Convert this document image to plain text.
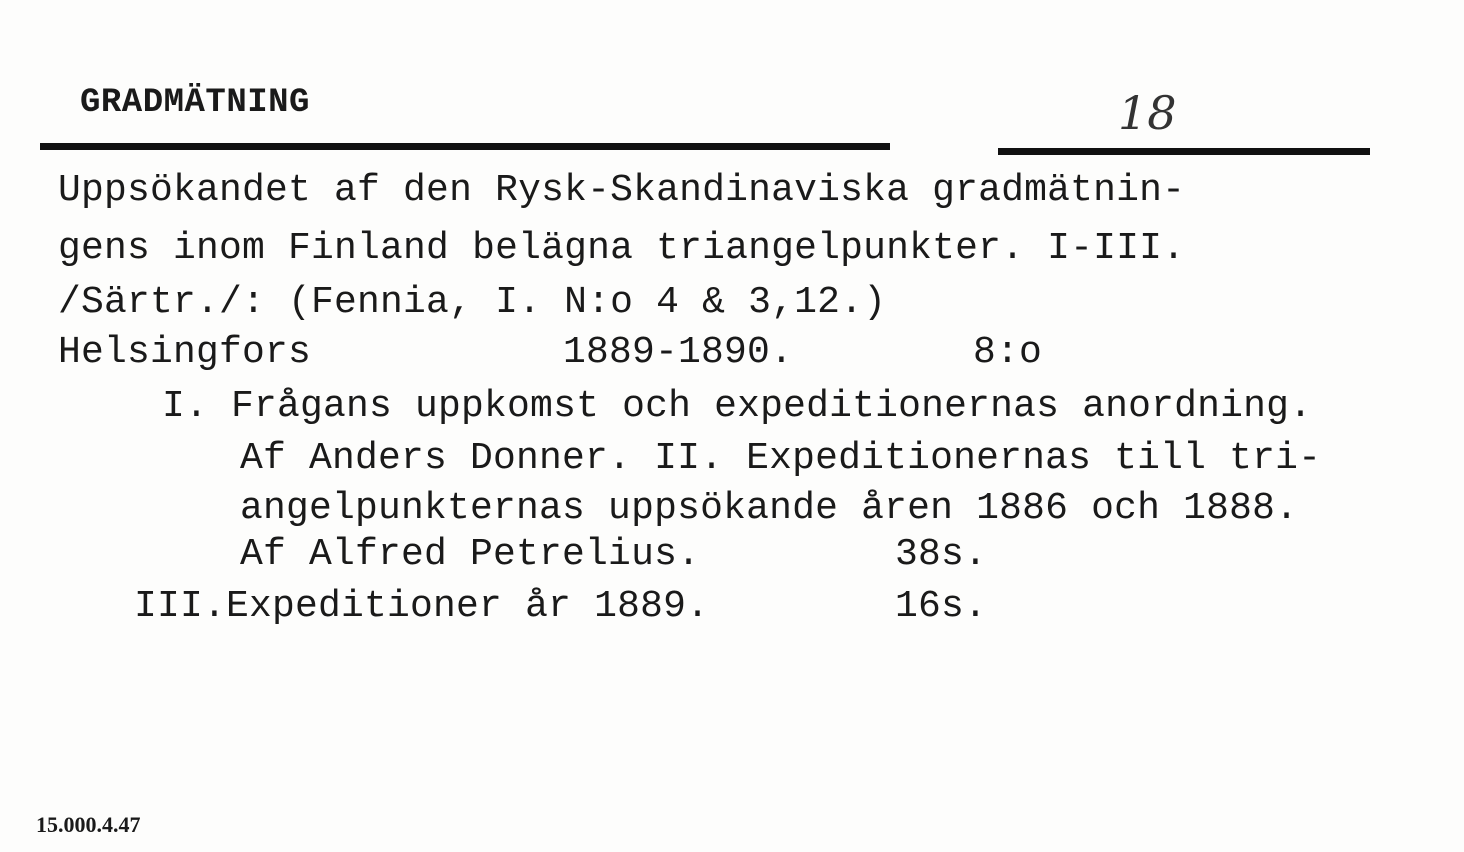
GRADMÄTNING	18
Uppsökandet af den Rysk-Skandinaviska gradmätnin-
gens inom Finland belägna triangelpunkter. I-III.
/Särtr./: (Fennia, I. N:o 4 & 3,12.)
Helsingfors	1889-1890.	8:o
I. Frågans uppkomst och expeditionernas anordning.
Af Anders Donner. II. Expeditionernas till tri-
angelpunkternas uppsökande åren 1886 och 1888.
Af Alfred Petrelius.	38s.
III.Expeditioner år 1889.	16s.
15.000.4.47
